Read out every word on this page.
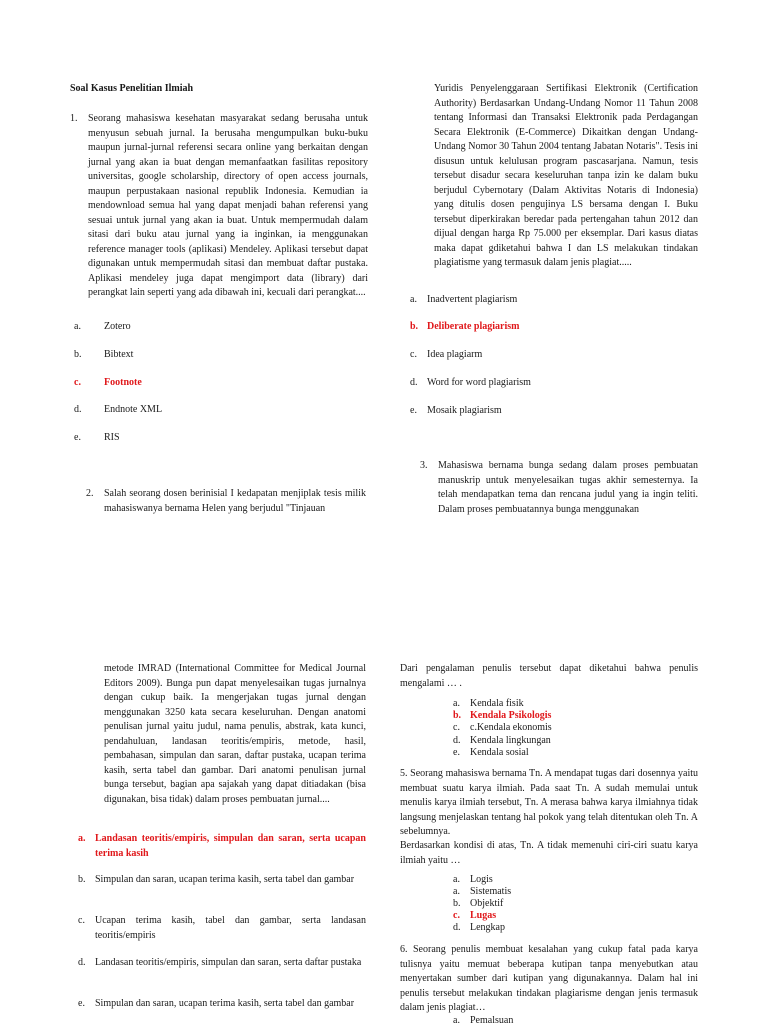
Soal Kasus Penelitian Ilmiah
1. Seorang mahasiswa kesehatan masyarakat sedang berusaha untuk menyusun sebuah jurnal. Ia berusaha mengumpulkan buku-buku maupun jurnal-jurnal referensi secara online yang berkaitan dengan jurnal yang akan ia buat dengan memanfaatkan fasilitas repository universitas, google scholarship, directory of open access journals, maupun perpustakaan nasional republik Indonesia. Kemudian ia mendownload semua hal yang dapat menjadi bahan referensi yang sesuai untuk jurnal yang akan ia buat. Untuk mempermudah dalam sitasi dari buku atau jurnal yang ia inginkan, ia menggunakan reference manager tools (aplikasi) Mendeley. Aplikasi tersebut dapat digunakan untuk mempermudah sitasi dan membuat daftar pustaka. Aplikasi mendeley juga dapat mengimport data (library) dari perangkat lain seperti yang ada dibawah ini, kecuali dari perangkat....
a. Zotero
b. Bibtext
c. Footnote
d. Endnote XML
e. RIS
2. Salah seorang dosen berinisial I kedapatan menjiplak tesis milik mahasiswanya bernama Helen yang berjudul "Tinjauan
Yuridis Penyelenggaraan Sertifikasi Elektronik (Certification Authority) Berdasarkan Undang-Undang Nomor 11 Tahun 2008 tentang Informasi dan Transaksi Elektronik pada Perdagangan Secara Elektronik (E-Commerce) Dikaitkan dengan Undang-Undang Nomor 30 Tahun 2004 tentang Jabatan Notaris". Tesis ini disusun untuk kelulusan program pascasarjana. Namun, tesis tersebut disadur secara keseluruhan tanpa izin ke dalam buku berjudul Cybernotary (Dalam Aktivitas Notaris di Indonesia) yang ditulis dosen pengujinya LS bersama dengan I. Buku tersebut diperkirakan beredar pada pertengahan tahun 2012 dan dijual dengan harga Rp 75.000 per eksemplar. Dari kasus diatas maka dapat gdiketahui bahwa I dan LS melakukan tindakan plagiatisme yang termasuk dalam jenis plagiat.....
a. Inadvertent plagiarism
b. Deliberate plagiarism
c. Idea plagiarm
d. Word for word plagiarism
e. Mosaik plagiarism
3. Mahasiswa bernama bunga sedang dalam proses pembuatan manuskrip untuk menyelesaikan tugas akhir semesternya. Ia telah mendapatkan tema dan rencana judul yang ia ingin teliti. Dalam proses pembuatannya bunga menggunakan
metode IMRAD (International Committee for Medical Journal Editors 2009). Bunga pun dapat menyelesaikan tugas jurnalnya dengan cukup baik. Ia mengerjakan tugas jurnal dengan menggunakan 3250 kata secara keseluruhan. Dengan anatomi penulisan jurnal yaitu judul, nama penulis, abstrak, kata kunci, pendahuluan, landasan teoritis/empiris, metode, hasil, pembahasan, simpulan dan saran, daftar pustaka, ucapan terima kasih, serta tabel dan gambar. Dari anatomi penulisan jurnal bunga tersebut, bagian apa sajakah yang dapat ditiadakan (bisa digunakan, bisa tidak) dalam proses pembuatan jurnal....
a. Landasan teoritis/empiris, simpulan dan saran, serta ucapan terima kasih
b. Simpulan dan saran, ucapan terima kasih, serta tabel dan gambar
c. Ucapan terima kasih, tabel dan gambar, serta landasan teoritis/empiris
d. Landasan teoritis/empiris, simpulan dan saran, serta daftar pustaka
e. Simpulan dan saran, ucapan terima kasih, serta tabel dan gambar
Dari pengalaman penulis tersebut dapat diketahui bahwa penulis mengalami … .
a. Kendala fisik
b. Kendala Psikologis
c. c.Kendala ekonomis
d. Kendala lingkungan
e. Kendala sosial
5. Seorang mahasiswa bernama Tn. A mendapat tugas dari dosennya yaitu membuat suatu karya ilmiah. Pada saat Tn. A sudah memulai untuk menulis karya ilmiah tersebut, Tn. A merasa bahwa karya ilmiahnya tidak langsung menjelaskan tentang hal pokok yang telah ditentukan oleh Tn. A sebelumnya.
Berdasarkan kondisi di atas, Tn. A tidak memenuhi ciri-ciri suatu karya ilmiah yaitu …
a. Logis
a. Sistematis
b. Objektif
c. Lugas
d. Lengkap
6. Seorang penulis membuat kesalahan yang cukup fatal pada karya tulisnya yaitu memuat beberapa kutipan tanpa menyebutkan atau menyertakan sumber dari kutipan yang digunakannya. Dalam hal ini penulis tersebut melakukan tindakan plagiarisme dengan jenis termasuk dalam jenis plagiat…
a. Pemalsuan
